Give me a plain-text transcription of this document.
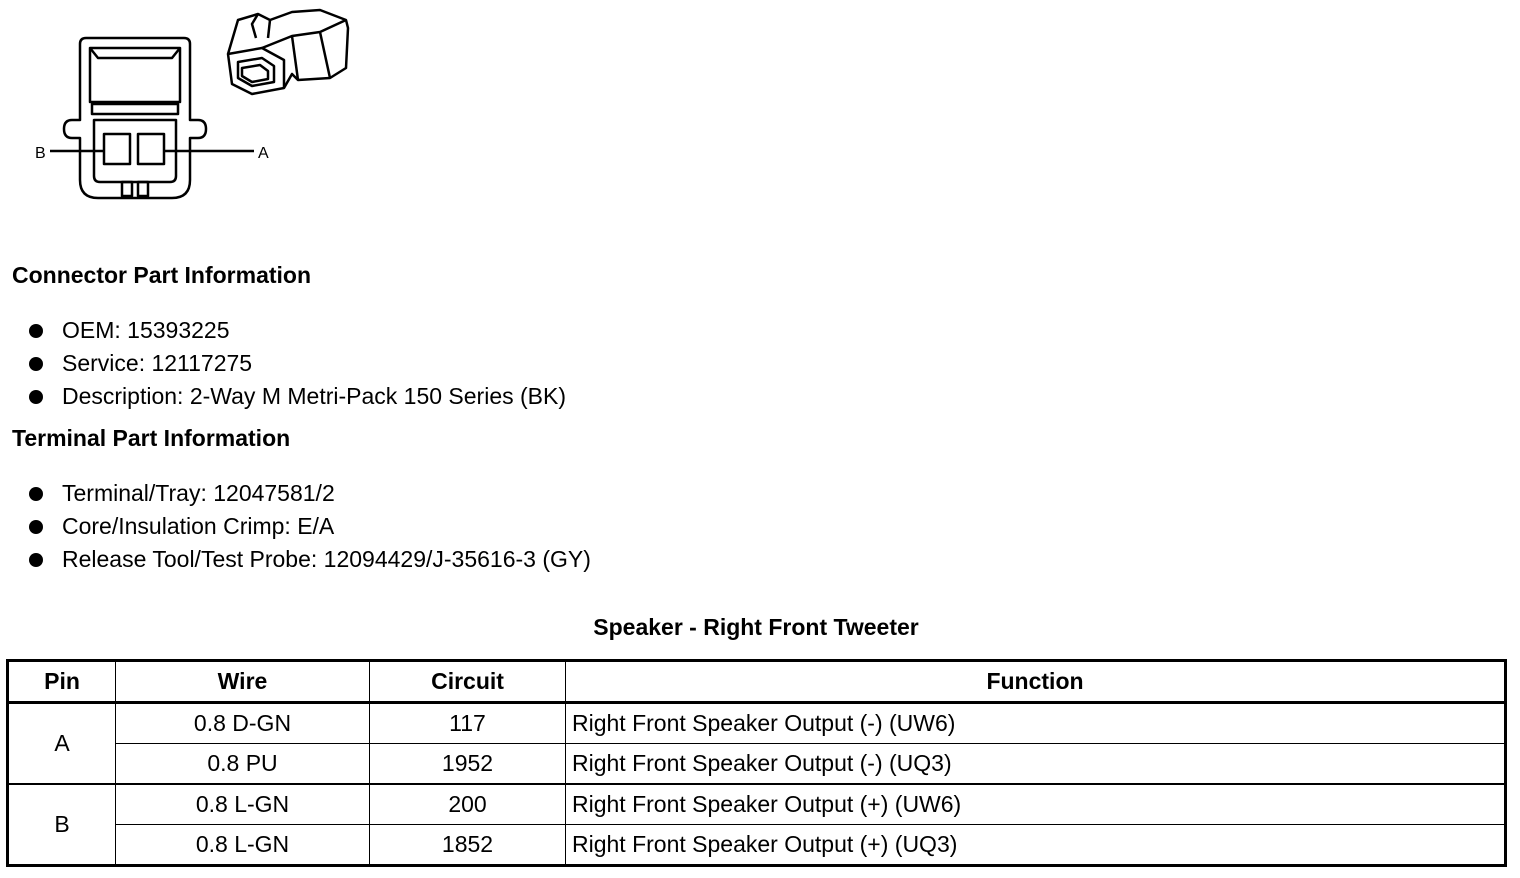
B	A
Connector Part Information
OEM: 15393225
Service: 12117275
Description: 2-Way M Metri-Pack 150 Series (BK)
Terminal Part Information
Terminal/Tray: 12047581/2
Core/Insulation Crimp: E/A
Release Tool/Test Probe: 12094429/J-35616-3 (GY)
Speaker - Right Front Tweeter
Pin	Wire	Circuit	Function
A	0.8 D-GN	117	Right Front Speaker Output (-) (UW6)
	0.8 PU	1952	Right Front Speaker Output (-) (UQ3)
B	0.8 L-GN	200	Right Front Speaker Output (+) (UW6)
	0.8 L-GN	1852	Right Front Speaker Output (+) (UQ3)
